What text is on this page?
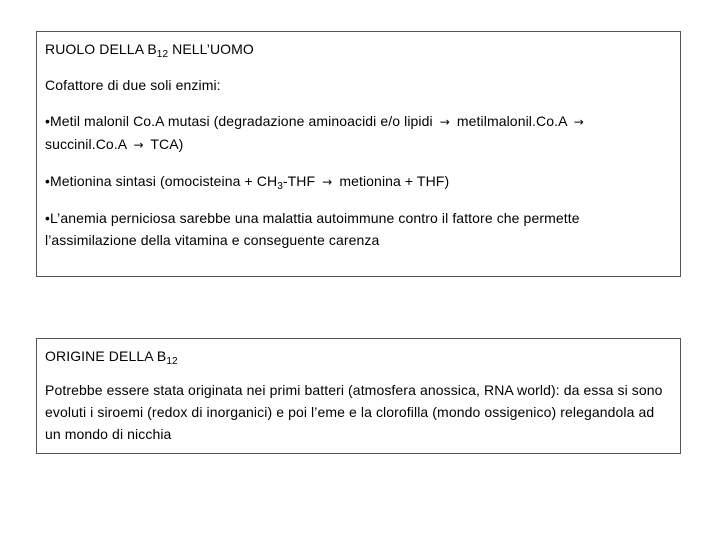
RUOLO DELLA $B_{12}$ NELL’UOMO

Cofattore di due soli enzimi:

•Metil malonil Co.A mutasi (degradazione aminoacidi e/o lipidi → metilmalonil.Co.A →
succinil.Co.A → TCA)

•Metionina sintasi (omocisteina + $CH_3$-THF → metionina + THF)

•L’anemia perniciosa sarebbe una malattia autoimmune contro il fattore che permette l’assimilazione della vitamina e conseguente carenza

ORIGINE DELLA $B_{12}$

Potrebbe essere stata originata nei primi batteri (atmosfera anossica, RNA world): da essa si sono evoluti i siroemi (redox di inorganici) e poi l’eme e la clorofilla (mondo ossigenico) relegandola ad un mondo di nicchia
